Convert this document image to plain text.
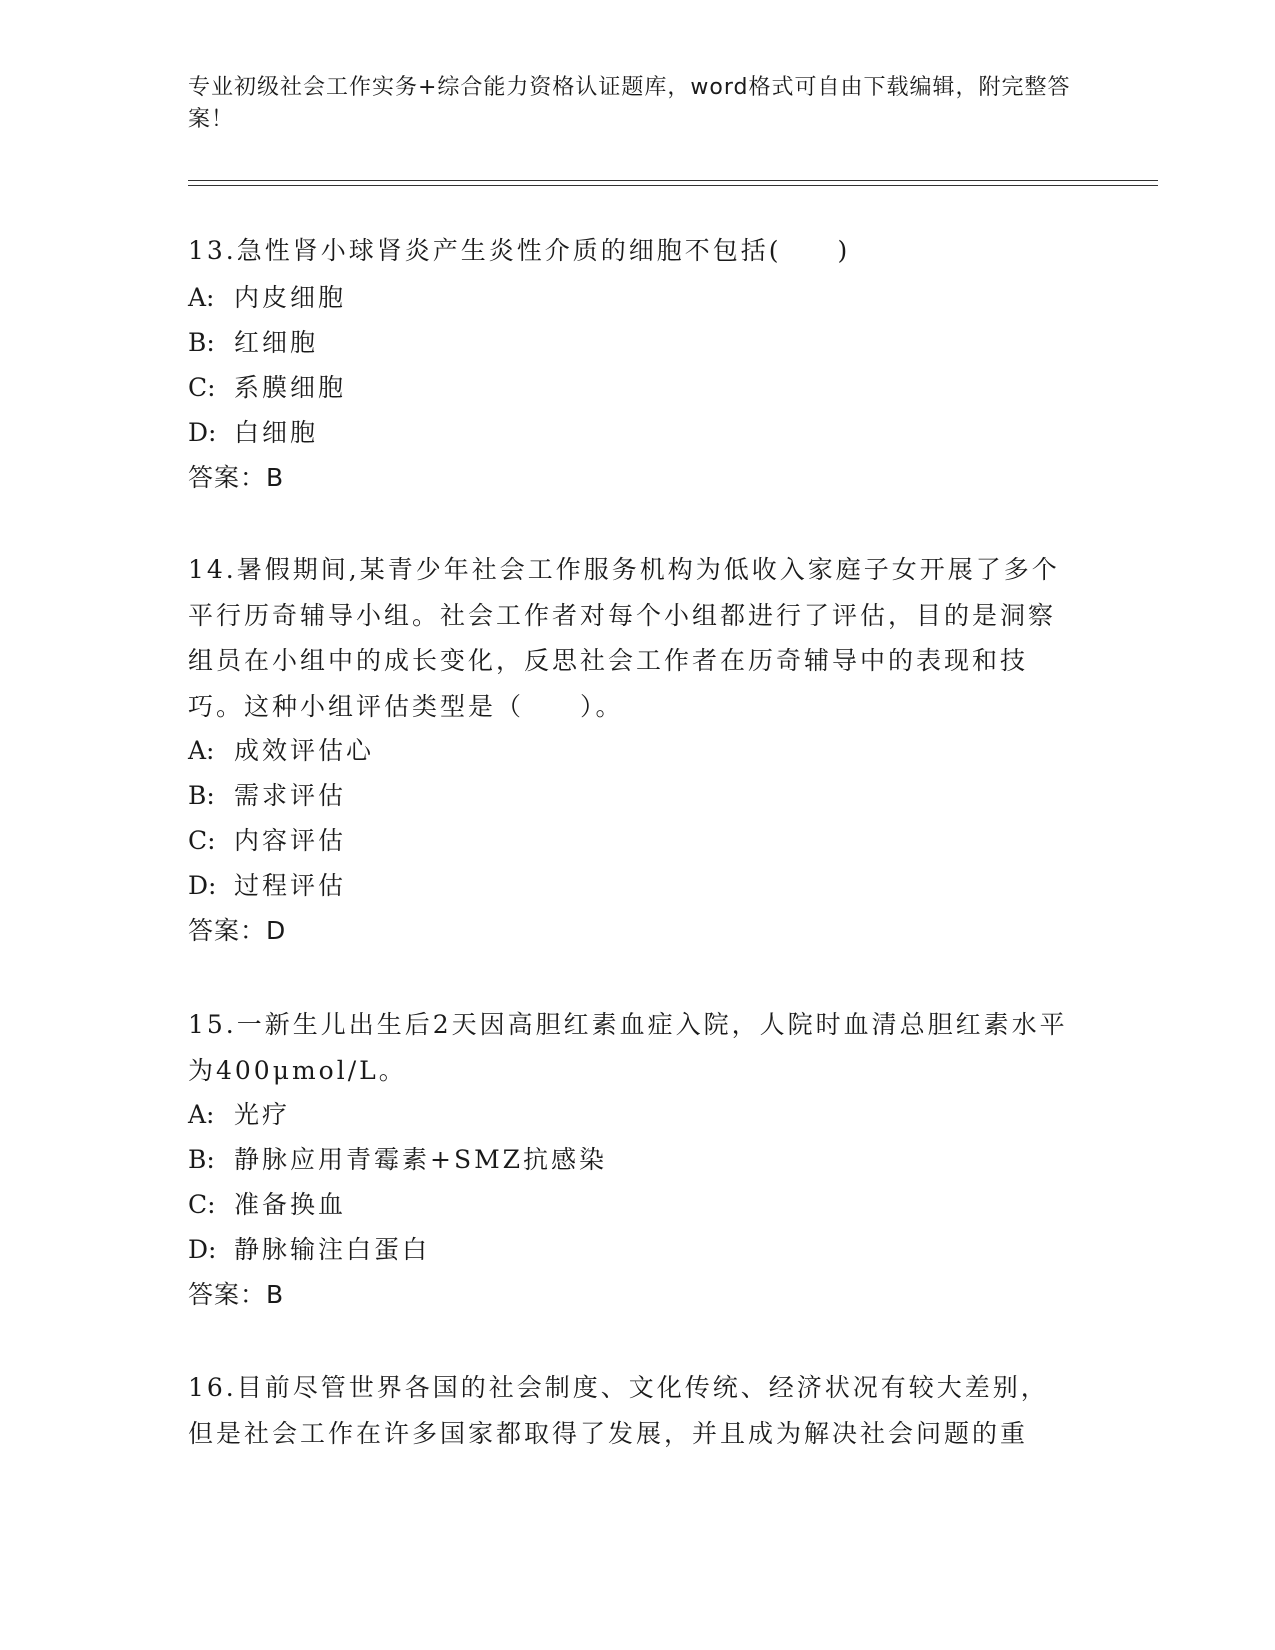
专业初级社会工作实务+综合能力资格认证题库，word格式可自由下载编辑，附完整答案！

13.急性肾小球肾炎产生炎性介质的细胞不包括(　　)

A: 内皮细胞
B: 红细胞
C: 系膜细胞
D: 白细胞
答案：B

14.暑假期间,某青少年社会工作服务机构为低收入家庭子女开展了多个平行历奇辅导小组。社会工作者对每个小组都进行了评估，目的是洞察组员在小组中的成长变化，反思社会工作者在历奇辅导中的表现和技巧。这种小组评估类型是（　　）。

A: 成效评估心
B: 需求评估
C: 内容评估
D: 过程评估
答案：D

15.一新生儿出生后2天因高胆红素血症入院，人院时血清总胆红素水平为400μmol/L。

A: 光疗
B: 静脉应用青霉素+SMZ抗感染
C: 准备换血
D: 静脉输注白蛋白
答案：B

16.目前尽管世界各国的社会制度、文化传统、经济状况有较大差别，但是社会工作在许多国家都取得了发展，并且成为解决社会问题的重
